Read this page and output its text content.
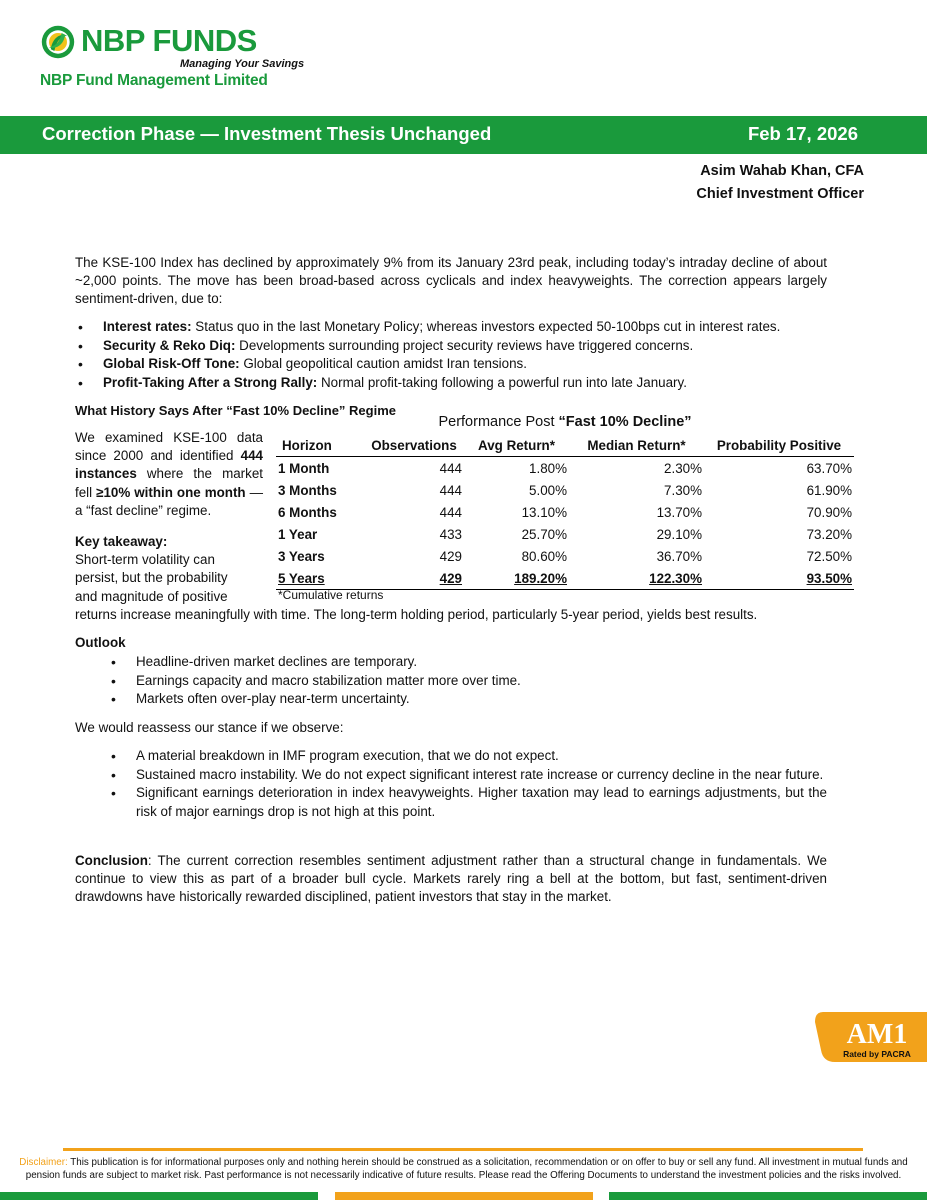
NBP FUNDS
Managing Your Savings
NBP Fund Management Limited
Correction Phase — Investment Thesis Unchanged	Feb 17, 2026
Asim Wahab Khan, CFA
Chief Investment Officer
The KSE-100 Index has declined by approximately 9% from its January 23rd peak, including today’s intraday decline of about ~2,000 points. The move has been broad-based across cyclicals and index heavyweights. The correction appears largely sentiment-driven, due to:
• Interest rates: Status quo in the last Monetary Policy; whereas investors expected 50-100bps cut in interest rates.
• Security & Reko Diq: Developments surrounding project security reviews have triggered concerns.
• Global Risk-Off Tone: Global geopolitical caution amidst Iran tensions.
• Profit-Taking After a Strong Rally: Normal profit-taking following a powerful run into late January.
What History Says After “Fast 10% Decline” Regime
We examined KSE-100 data since 2000 and identified 444 instances where the market fell ≥10% within one month — a “fast decline” regime.
Key takeaway:
Short-term volatility can
persist, but the probability
and magnitude of positive
returns increase meaningfully with time. The long-term holding period, particularly 5-year period, yields best results.
Performance Post “Fast 10% Decline”
Horizon	Observations	Avg Return*	Median Return*	Probability Positive
1 Month	444	1.80%	2.30%	63.70%
3 Months	444	5.00%	7.30%	61.90%
6 Months	444	13.10%	13.70%	70.90%
1 Year	433	25.70%	29.10%	73.20%
3 Years	429	80.60%	36.70%	72.50%
5 Years	429	189.20%	122.30%	93.50%
*Cumulative returns
Outlook
• Headline-driven market declines are temporary.
• Earnings capacity and macro stabilization matter more over time.
• Markets often over-play near-term uncertainty.
We would reassess our stance if we observe:
• A material breakdown in IMF program execution, that we do not expect.
• Sustained macro instability. We do not expect significant interest rate increase or currency decline in the near future.
• Significant earnings deterioration in index heavyweights. Higher taxation may lead to earnings adjustments, but the risk of major earnings drop is not high at this point.
Conclusion: The current correction resembles sentiment adjustment rather than a structural change in fundamentals. We continue to view this as part of a broader bull cycle. Markets rarely ring a bell at the bottom, but fast, sentiment-driven drawdowns have historically rewarded disciplined, patient investors that stay in the market.
AM1
Rated by PACRA
Disclaimer: This publication is for informational purposes only and nothing herein should be construed as a solicitation, recommendation or on offer to buy or sell any fund. All investment in mutual funds and pension funds are subject to market risk. Past performance is not necessarily indicative of future results. Please read the Offering Documents to understand the investment policies and the risks involved.
